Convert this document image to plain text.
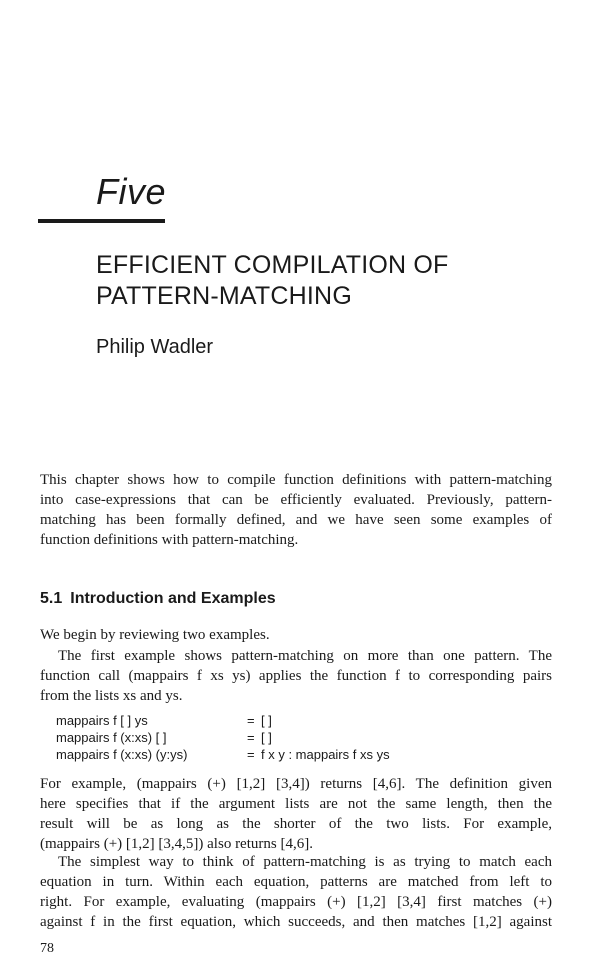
Five
EFFICIENT COMPILATION OF
PATTERN-MATCHING
Philip Wadler
This chapter shows how to compile function definitions with pattern-matching
into case-expressions that can be efficiently evaluated. Previously, pattern-
matching has been formally defined, and we have seen some examples of
function definitions with pattern-matching.
5.1 Introduction and Examples
We begin by reviewing two examples.
The first example shows pattern-matching on more than one pattern. The
function call (mappairs f xs ys) applies the function f to corresponding pairs
from the lists xs and ys.
mappairs f [ ] ys	= [ ]
mappairs f (x:xs) [ ]	= [ ]
mappairs f (x:xs) (y:ys)	= f x y : mappairs f xs ys
For example, (mappairs (+) [1,2] [3,4]) returns [4,6]. The definition given
here specifies that if the argument lists are not the same length, then the
result will be as long as the shorter of the two lists. For example,
(mappairs (+) [1,2] [3,4,5]) also returns [4,6].
The simplest way to think of pattern-matching is as trying to match each
equation in turn. Within each equation, patterns are matched from left to
right. For example, evaluating (mappairs (+) [1,2] [3,4] first matches (+)
against f in the first equation, which succeeds, and then matches [1,2] against
78
